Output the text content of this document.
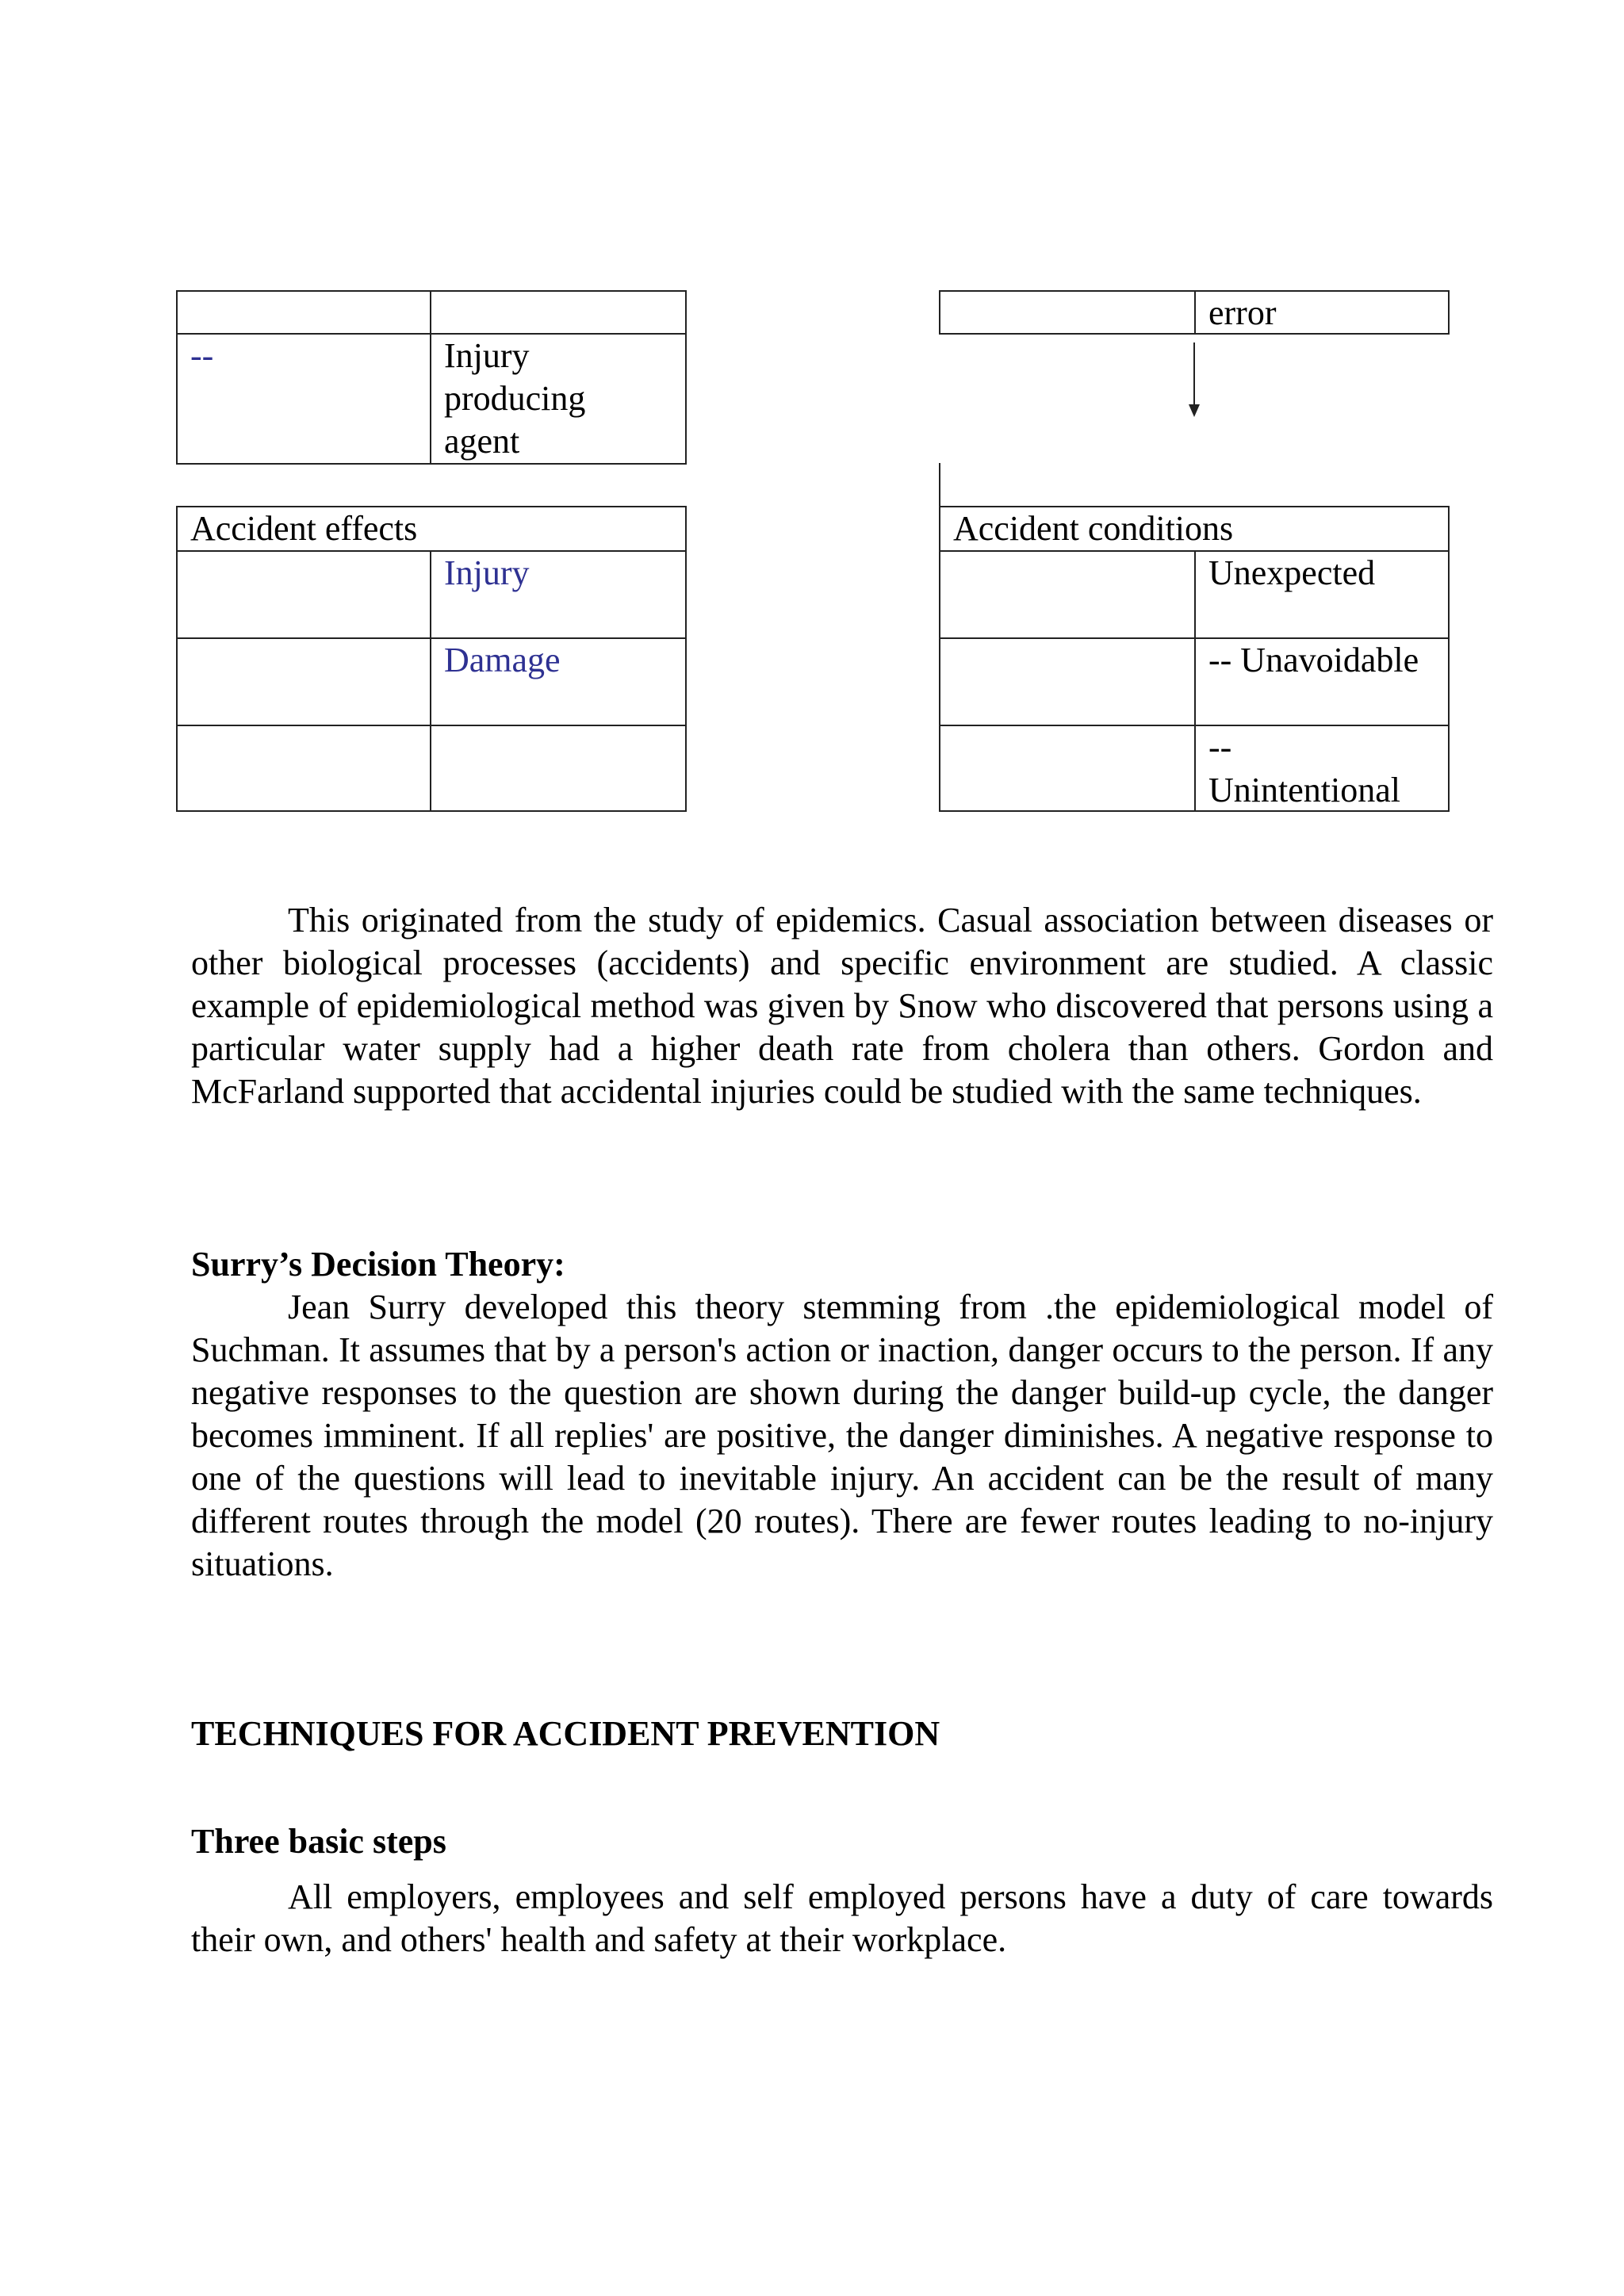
--	Injury
producing
agent
error
Accident effects
Injury
Damage
Accident conditions
Unexpected
-- Unavoidable
--
Unintentional

This originated from the study of epidemics. Casual association between diseases or other biological processes (accidents) and specific environment are studied. A classic example of epidemiological method was given by Snow who discovered that persons using a particular water supply had a higher death rate from cholera than others. Gordon and McFarland supported that accidental injuries could be studied with the same techniques.

Surry’s Decision Theory:

Jean Surry developed this theory stemming from .the epidemiological model of Suchman. It assumes that by a person's action or inaction, danger occurs to the person. If any negative responses to the question are shown during the danger build-up cycle, the danger becomes imminent. If all replies' are positive, the danger diminishes. A negative response to one of the questions will lead to inevitable injury. An accident can be the result of many different routes through the model (20 routes). There are fewer routes leading to no-injury situations.

TECHNIQUES FOR ACCIDENT PREVENTION

Three basic steps

All employers, employees and self employed persons have a duty of care towards their own, and others' health and safety at their workplace.
